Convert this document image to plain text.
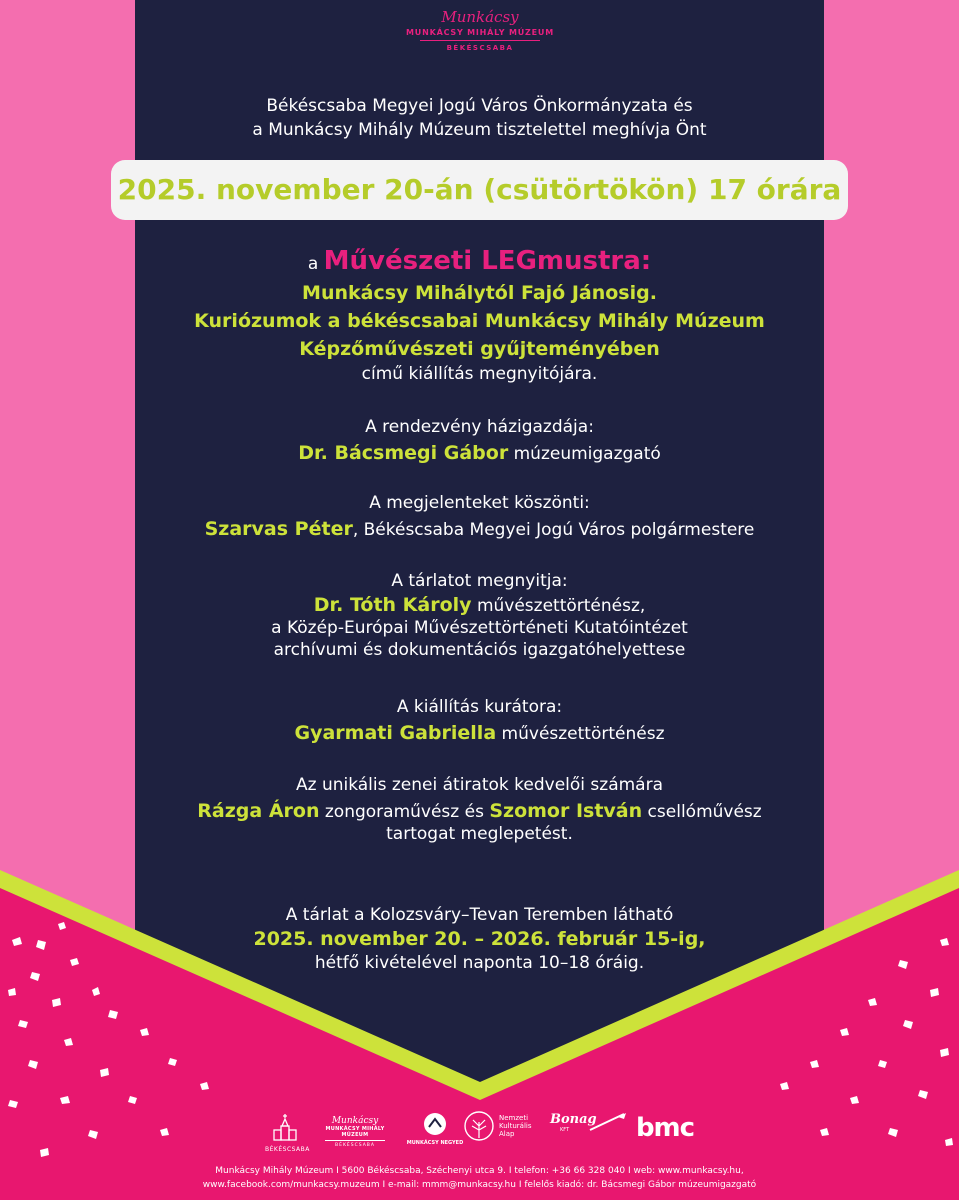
Munkácsy
MUNKÁCSY MIHÁLY MÚZEUM
BÉKÉSCSABA
Békéscsaba Megyei Jogú Város Önkormányzata és
a Munkácsy Mihály Múzeum tisztelettel meghívja Önt
2025. november 20-án (csütörtökön) 17 órára
a Művészeti LEGmustra:
Munkácsy Mihálytól Fajó Jánosig.
Kuriózumok a békéscsabai Munkácsy Mihály Múzeum
Képzőművészeti gyűjteményében
című kiállítás megnyitójára.
A rendezvény házigazdája:
Dr. Bácsmegi Gábor múzeumigazgató
A megjelenteket köszönti:
Szarvas Péter, Békéscsaba Megyei Jogú Város polgármestere
A tárlatot megnyitja:
Dr. Tóth Károly művészettörténész,
a Közép-Európai Művészettörténeti Kutatóintézet
archívumi és dokumentációs igazgatóhelyettese
A kiállítás kurátora:
Gyarmati Gabriella művészettörténész
Az unikális zenei átiratok kedvelői számára
Rázga Áron zongoraművész és Szomor István csellóművész
tartogat meglepetést.
A tárlat a Kolozsváry–Tevan Teremben látható
2025. november 20. – 2026. február 15-ig,
hétfő kivételével naponta 10–18 óráig.
BÉKÉSCSABA
Munkácsy
MUNKÁCSY MIHÁLY MÚZEUM
BÉKÉSCSABA	MUNKÁCSY NEGYED
Nemzeti
Kulturális
Alap
Bonag
KFT	bmc
Munkácsy Mihály Múzeum I 5600 Békéscsaba, Széchenyi utca 9. I telefon: +36 66 328 040 I web: www.munkacsy.hu,
www.facebook.com/munkacsy.muzeum I e-mail: mmm@munkacsy.hu I felelős kiadó: dr. Bácsmegi Gábor múzeumigazgató
